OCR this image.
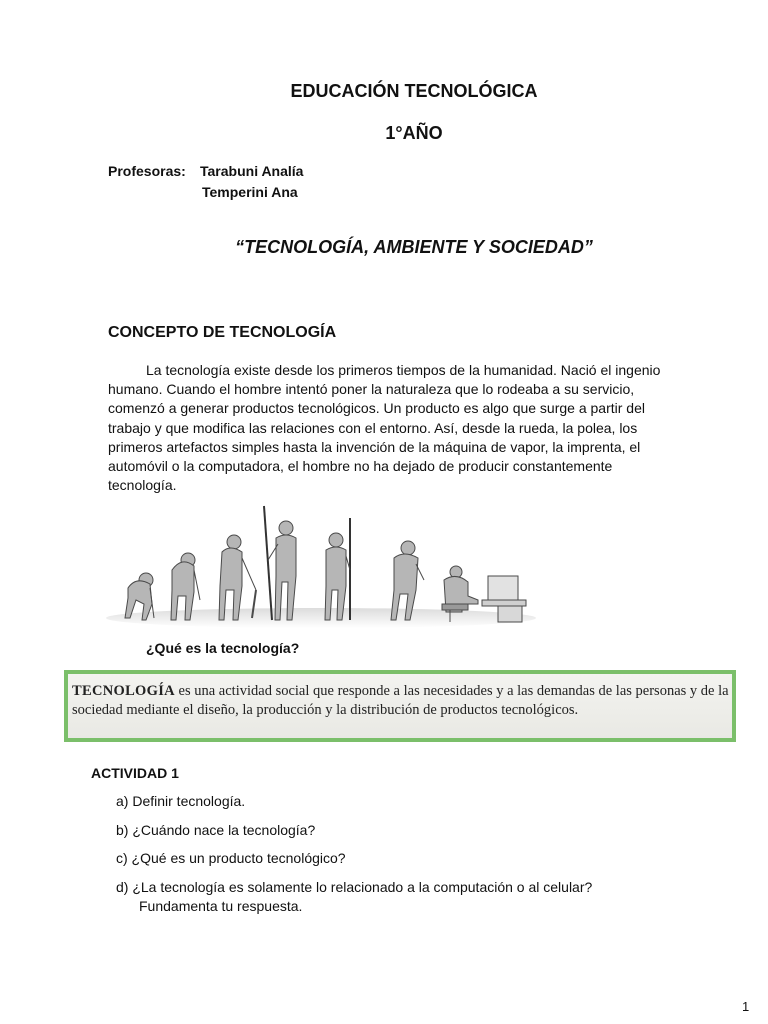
EDUCACIÓN TECNOLÓGICA
1°AÑO
Profesoras: Tarabuni Analía
Temperini Ana
“TECNOLOGÍA, AMBIENTE Y SOCIEDAD”
CONCEPTO DE TECNOLOGÍA
La tecnología existe desde los primeros tiempos de la humanidad. Nació el ingenio humano. Cuando el hombre intentó poner la naturaleza que lo rodeaba a su servicio, comenzó a generar productos tecnológicos. Un producto es algo que surge a partir del trabajo y que modifica las relaciones con el entorno. Así, desde la rueda, la polea, los primeros artefactos simples hasta la invención de la máquina de vapor, la imprenta, el automóvil o la computadora, el hombre no ha dejado de producir constantemente tecnología.
¿Qué es la tecnología?
TECNOLOGÍA es una actividad social que responde a las necesidades y a las demandas de las personas y de la sociedad mediante el diseño, la producción y la distribución de productos tecnológicos.
ACTIVIDAD 1
a) Definir tecnología.
b) ¿Cuándo nace la tecnología?
c) ¿Qué es un producto tecnológico?
d) ¿La tecnología es solamente lo relacionado a la computación o al celular?
Fundamenta tu respuesta.
1
